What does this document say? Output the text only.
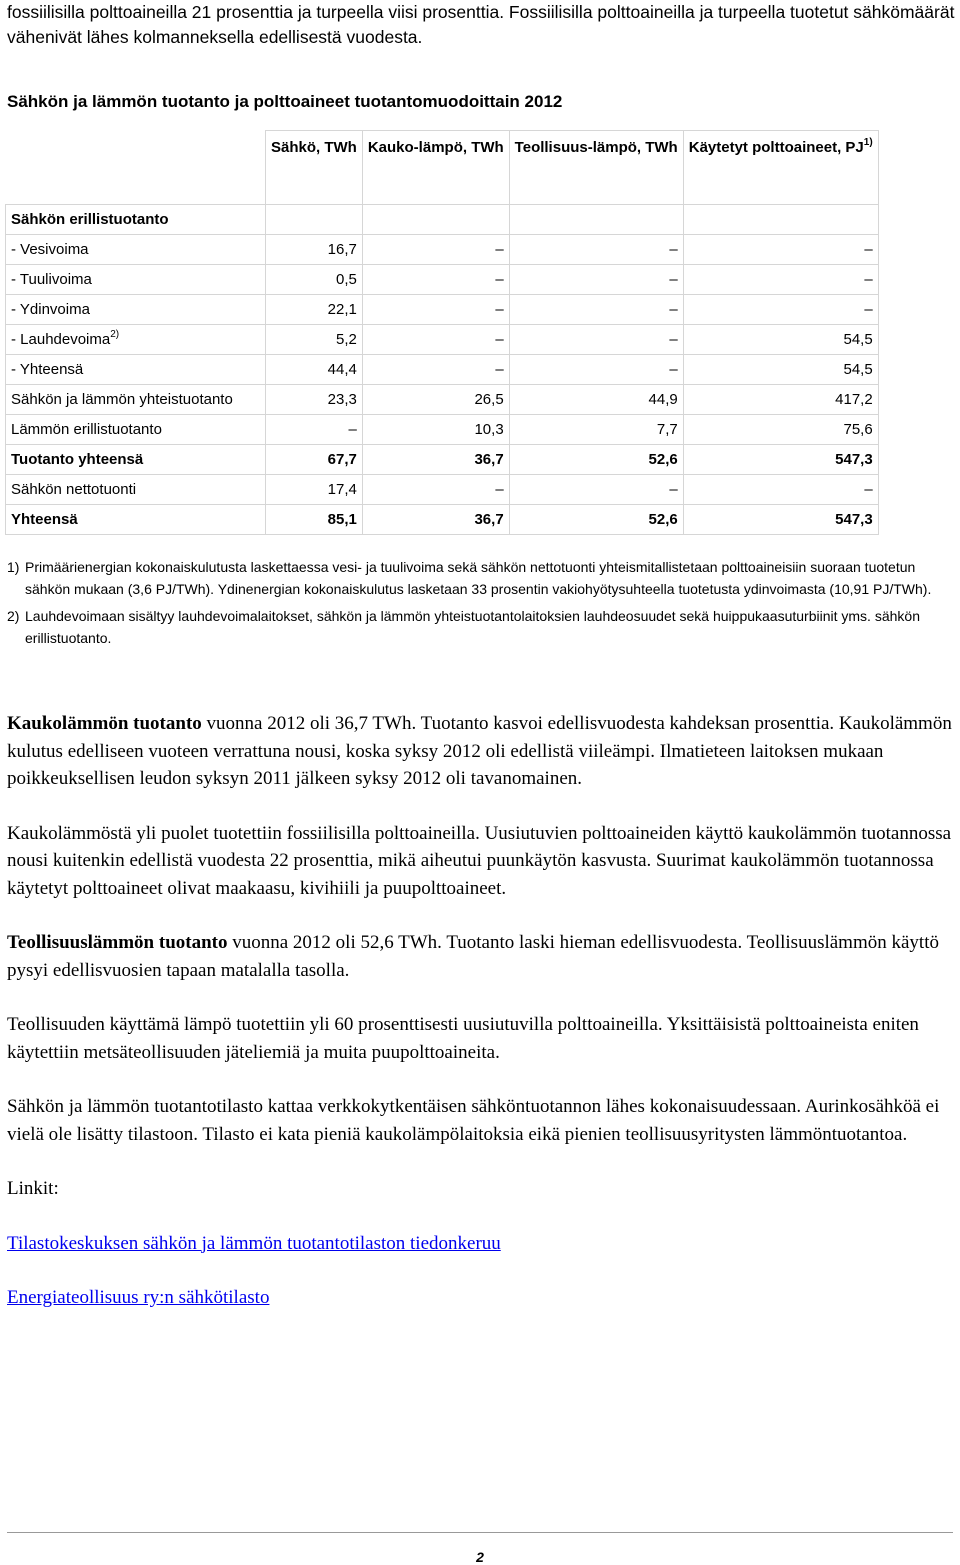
fossiilisilla polttoaineilla 21 prosenttia ja turpeella viisi prosenttia. Fossiilisilla polttoaineilla ja turpeella tuotetut sähkömäärät vähenivät lähes kolmanneksella edellisestä vuodesta.
Sähkön ja lämmön tuotanto ja polttoaineet tuotantomuodoittain 2012
	Sähkö, TWh	Kauko-lämpö, TWh	Teollisuus-lämpö, TWh	Käytetyt polttoaineet, PJ$^{1)}$
Sähkön erillistuotanto				
- Vesivoima	16,7	–	–	–
- Tuulivoima	0,5	–	–	–
- Ydinvoima	22,1	–	–	–
- Lauhdevoima$^{2)}$	5,2	–	–	54,5
- Yhteensä	44,4	–	–	54,5
Sähkön ja lämmön yhteistuotanto	23,3	26,5	44,9	417,2
Lämmön erillistuotanto	–	10,3	7,7	75,6
Tuotanto yhteensä	67,7	36,7	52,6	547,3
Sähkön nettotuonti	17,4	–	–	–
Yhteensä	85,1	36,7	52,6	547,3
1) Primäärienergian kokonaiskulutusta laskettaessa vesi- ja tuulivoima sekä sähkön nettotuonti yhteismitallistetaan polttoaineisiin suoraan tuotetun sähkön mukaan (3,6 PJ/TWh). Ydinenergian kokonaiskulutus lasketaan 33 prosentin vakiohyötysuhteella tuotetusta ydinvoimasta (10,91 PJ/TWh).
2) Lauhdevoimaan sisältyy lauhdevoimalaitokset, sähkön ja lämmön yhteistuotantolaitoksien lauhdeosuudet sekä huippukaasuturbiinit yms. sähkön erillistuotanto.

Kaukolämmön tuotanto vuonna 2012 oli 36,7 TWh. Tuotanto kasvoi edellisvuodesta kahdeksan prosenttia. Kaukolämmön kulutus edelliseen vuoteen verrattuna nousi, koska syksy 2012 oli edellistä viileämpi. Ilmatieteen laitoksen mukaan poikkeuksellisen leudon syksyn 2011 jälkeen syksy 2012 oli tavanomainen.

Kaukolämmöstä yli puolet tuotettiin fossiilisilla polttoaineilla. Uusiutuvien polttoaineiden käyttö kaukolämmön tuotannossa nousi kuitenkin edellistä vuodesta 22 prosenttia, mikä aiheutui puunkäytön kasvusta. Suurimat kaukolämmön tuotannossa käytetyt polttoaineet olivat maakaasu, kivihiili ja puupolttoaineet.

Teollisuuslämmön tuotanto vuonna 2012 oli 52,6 TWh. Tuotanto laski hieman edellisvuodesta. Teollisuuslämmön käyttö pysyi edellisvuosien tapaan matalalla tasolla.

Teollisuuden käyttämä lämpö tuotettiin yli 60 prosenttisesti uusiutuvilla polttoaineilla. Yksittäisistä polttoaineista eniten käytettiin metsäteollisuuden jäteliemiä ja muita puupolttoaineita.

Sähkön ja lämmön tuotantotilasto kattaa verkkokytkentäisen sähköntuotannon lähes kokonaisuudessaan. Aurinkosähköä ei vielä ole lisätty tilastoon. Tilasto ei kata pieniä kaukolämpölaitoksia eikä pienien teollisuusyritysten lämmöntuotantoa.

Linkit:

Tilastokeskuksen sähkön ja lämmön tuotantotilaston tiedonkeruu

Energiateollisuus ry:n sähkötilasto

2
